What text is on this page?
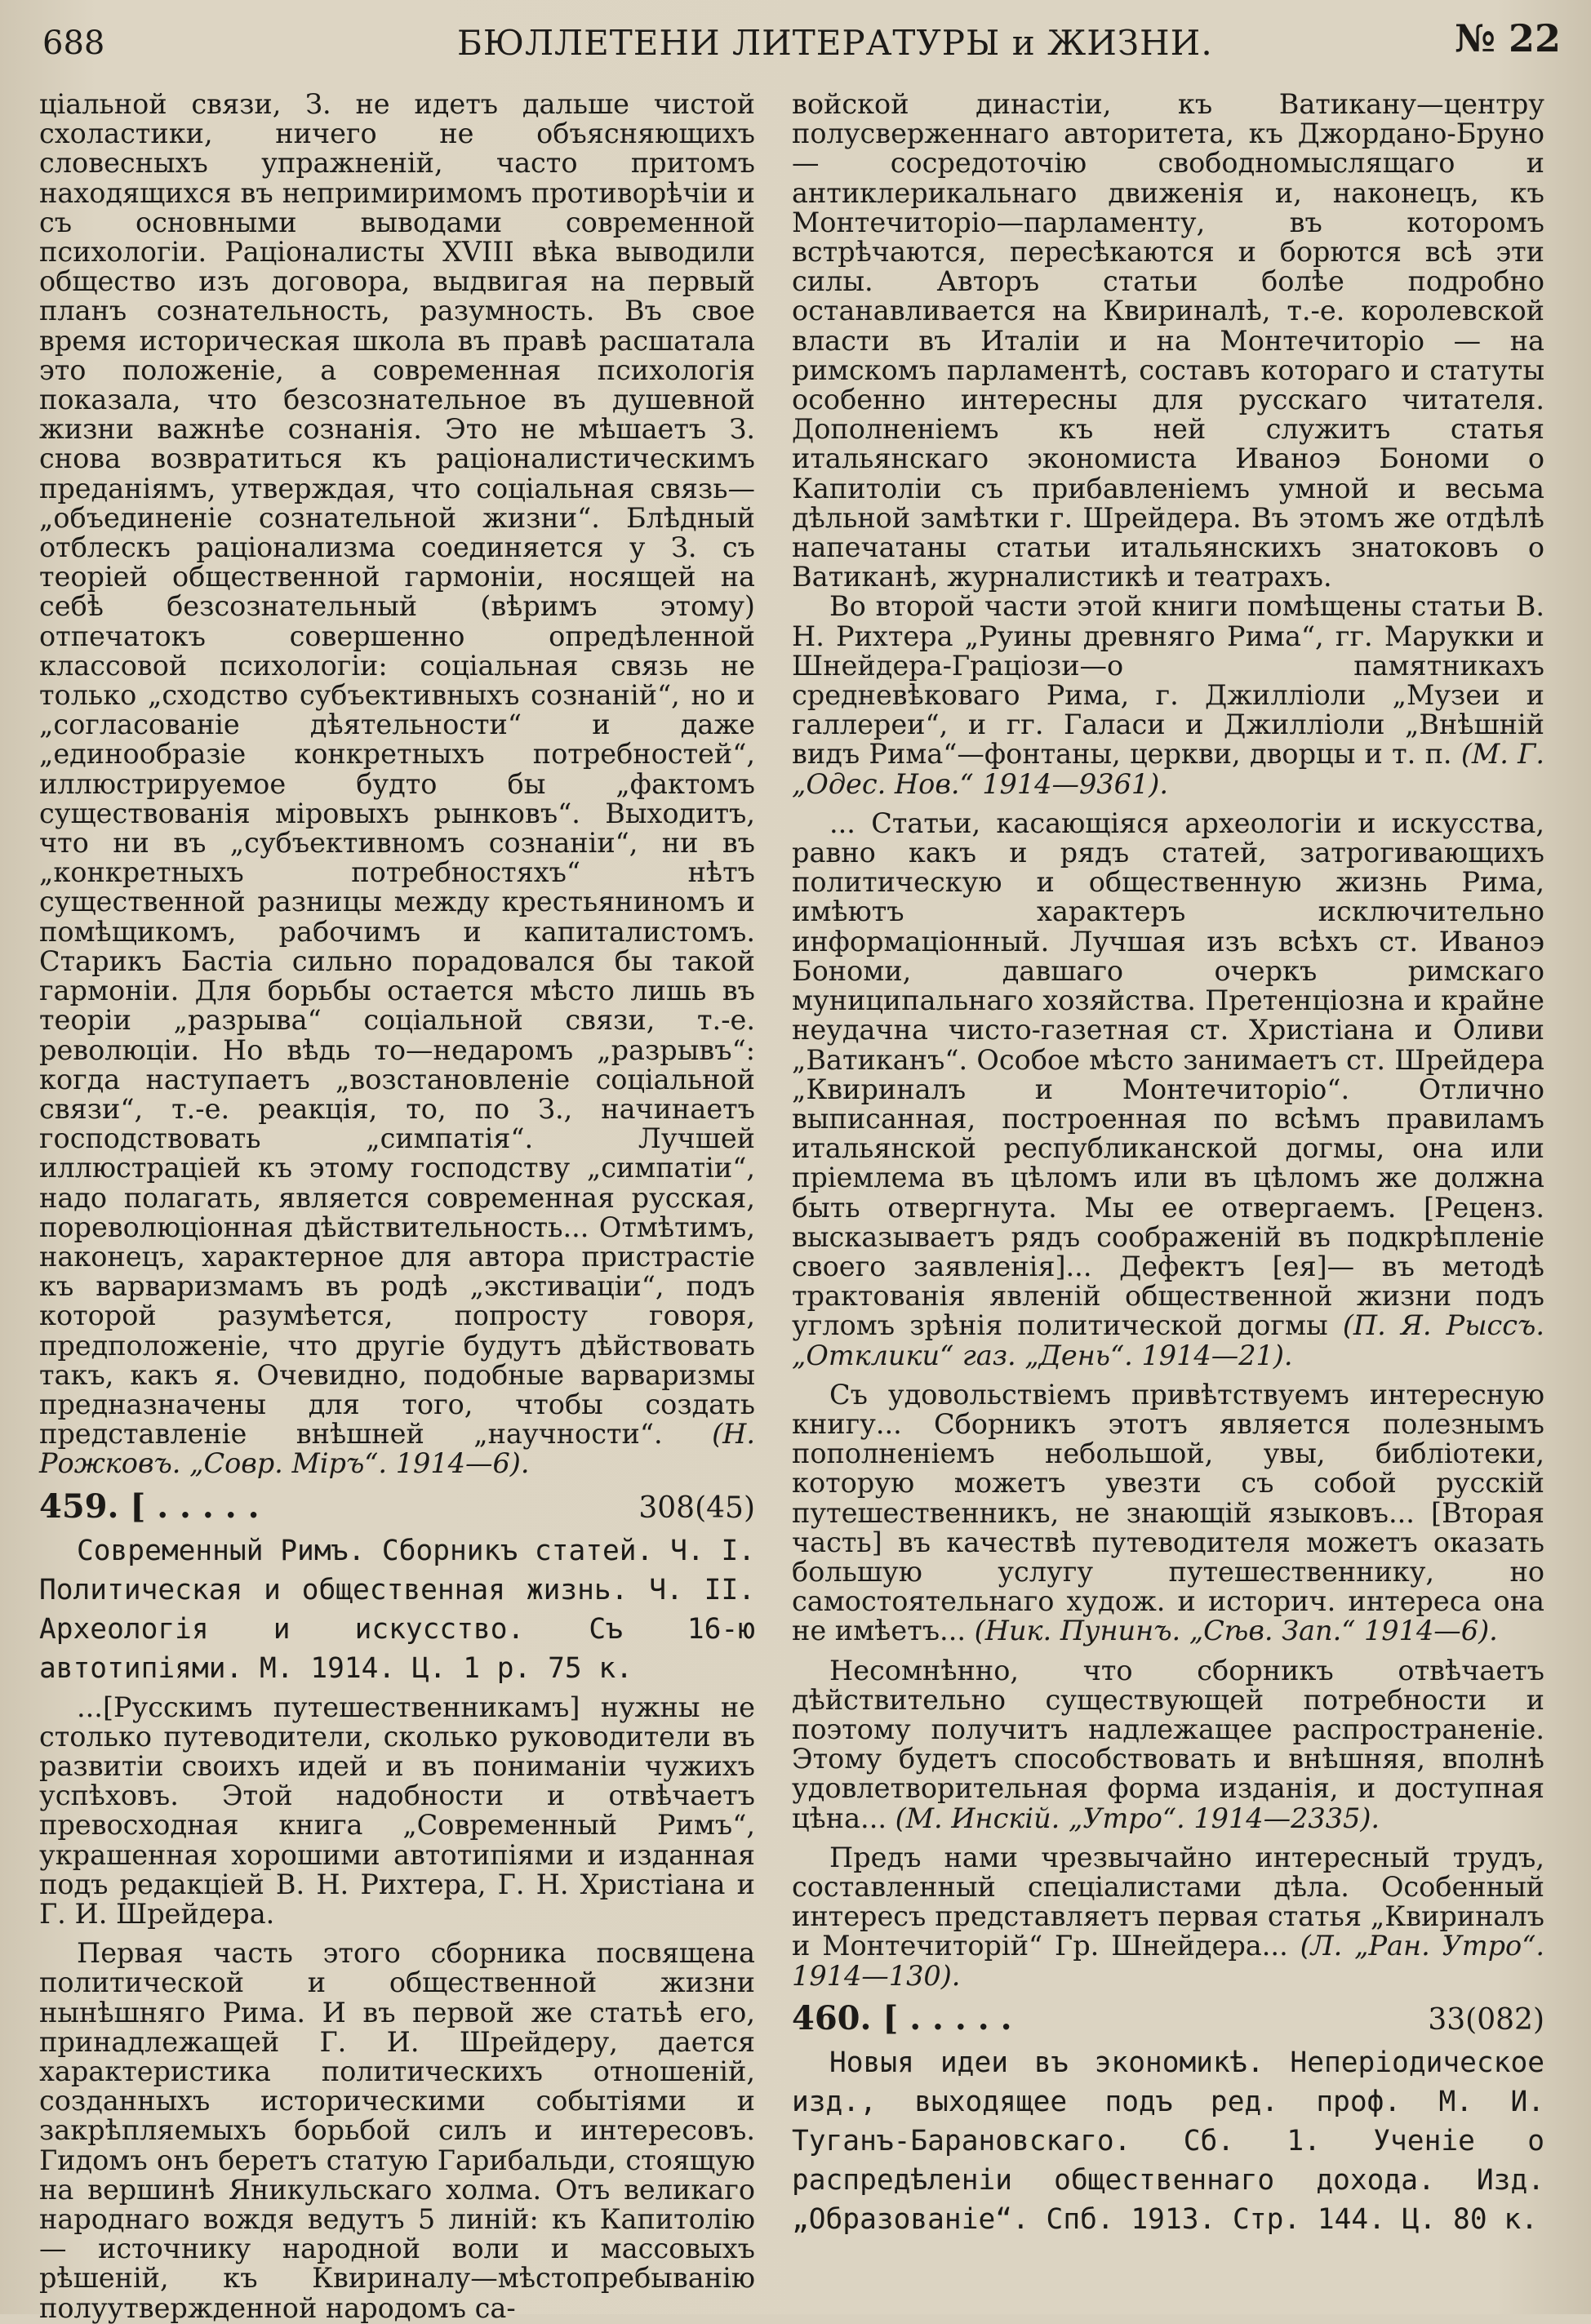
688	БЮЛЛЕТЕНИ ЛИТЕРАТУРЫ и ЖИЗНИ.	№ 22

ціальной связи, З. не идетъ дальше чистой схоластики, ничего не объясняющихъ словесныхъ упражненій, часто притомъ находящихся въ непримиримомъ противорѣчіи и съ основными выводами современной психологіи. Раціоналисты XVIII вѣка выводили общество изъ договора, выдвигая на первый планъ сознательность, разумность. Въ свое время историческая школа въ правѣ расшатала это положеніе, а современная психологія показала, что безсознательное въ душевной жизни важнѣе сознанія. Это не мѣшаетъ З. снова возвратиться къ раціоналистическимъ преданіямъ, утверждая, что соціальная связь—„объединеніе сознательной жизни“. Блѣдный отблескъ раціонализма соединяется у З. съ теоріей общественной гармоніи, носящей на себѣ безсознательный (вѣримъ этому) отпечатокъ совершенно опредѣленной классовой психологіи: соціальная связь не только „сходство субъективныхъ сознаній“, но и „согласованіе дѣятельности“ и даже „единообразіе конкретныхъ потребностей“, иллюстрируемое будто бы „фактомъ существованія міровыхъ рынковъ“. Выходитъ, что ни въ „субъективномъ сознаніи“, ни въ „конкретныхъ потребностяхъ“ нѣтъ существенной разницы между крестьяниномъ и помѣщикомъ, рабочимъ и капиталистомъ. Старикъ Бастіа сильно порадовался бы такой гармоніи. Для борьбы остается мѣсто лишь въ теоріи „разрыва“ соціальной связи, т.-е. революціи. Но вѣдь то—недаромъ „разрывъ“: когда наступаетъ „возстановленіе соціальной связи“, т.-е. реакція, то, по З., начинаетъ господствовать „симпатія“. Лучшей иллюстраціей къ этому господству „симпатіи“, надо полагать, является современная русская, пореволюціонная дѣйствительность... Отмѣтимъ, наконецъ, характерное для автора пристрастіе къ варваризмамъ въ родѣ „экстиваціи“, подъ которой разумѣется, попросту говоря, предположеніе, что другіе будутъ дѣйствовать такъ, какъ я. Очевидно, подобные варваризмы предназначены для того, чтобы создать представленіе внѣшней „научности“. (Н. Рожковъ. „Совр. Міръ“. 1914—6).

459. [ . . . . .	308(45)
Современный Римъ. Сборникъ статей. Ч. I. Политическая и общественная жизнь. Ч. II. Археологія и искусство. Съ 16-ю автотипіями. М. 1914. Ц. 1 р. 75 к.

...[Русскимъ путешественникамъ] нужны не столько путеводители, сколько руководители въ развитіи своихъ идей и въ пониманіи чужихъ успѣховъ. Этой надобности и отвѣчаетъ превосходная книга „Современный Римъ“, украшенная хорошими автотипіями и изданная подъ редакціей В. Н. Рихтера, Г. Н. Христіана и Г. И. Шрейдера.

Первая часть этого сборника посвящена политической и общественной жизни нынѣшняго Рима. И въ первой же статьѣ его, принадлежащей Г. И. Шрейдеру, дается характеристика политическихъ отношеній, созданныхъ историческими событіями и закрѣпляемыхъ борьбой силъ и интересовъ. Гидомъ онъ беретъ статую Гарибальди, стоящую на вершинѣ Яникульскаго холма. Отъ великаго народнаго вождя ведутъ 5 линій: къ Капитолію — источнику народной воли и массовыхъ рѣшеній, къ Квириналу—мѣстопребыванію полуутвержденной народомъ са-

войской династіи, къ Ватикану—центру полусверженнаго авторитета, къ Джордано-Бруно — сосредоточію свободномыслящаго и антиклерикальнаго движенія и, наконецъ, къ Монтечиторіо—парламенту, въ которомъ встрѣчаются, пересѣкаются и борются всѣ эти силы. Авторъ статьи болѣе подробно останавливается на Квириналѣ, т.-е. королевской власти въ Италіи и на Монтечиторіо — на римскомъ парламентѣ, составъ котораго и статуты особенно интересны для русскаго читателя. Дополненіемъ къ ней служитъ статья итальянскаго экономиста Иваноэ Бономи о Капитоліи съ прибавленіемъ умной и весьма дѣльной замѣтки г. Шрейдера. Въ этомъ же отдѣлѣ напечатаны статьи итальянскихъ знатоковъ о Ватиканѣ, журналистикѣ и театрахъ.

Во второй части этой книги помѣщены статьи В. Н. Рихтера „Руины древняго Рима“, гг. Марукки и Шнейдера-Граціози—о памятникахъ средневѣковаго Рима, г. Джиллioли „Музеи и галлереи“, и гг. Галаси и Джиллioли „Внѣшній видъ Рима“—фонтаны, церкви, дворцы и т. п. (М. Г. „Одес. Нов.“ 1914—9361).

... Статьи, касающіяся археологіи и искусства, равно какъ и рядъ статей, затрогивающихъ политическую и общественную жизнь Рима, имѣютъ характеръ исключительно информаціонный. Лучшая изъ всѣхъ ст. Иваноэ Бономи, давшаго очеркъ римскаго муниципальнаго хозяйства. Претенціозна и крайне неудачна чисто-газетная ст. Христіана и Оливи „Ватиканъ“. Особое мѣсто занимаетъ ст. Шрейдера „Квириналъ и Монтечиторіо“. Отлично выписанная, построенная по всѣмъ правиламъ итальянской республиканской догмы, она или пріемлема въ цѣломъ или въ цѣломъ же должна быть отвергнута. Мы ее отвергаемъ. [Реценз. высказываетъ рядъ соображеній въ подкрѣпленіе своего заявленія]... Дефектъ [ея]— въ методѣ трактованія явленій общественной жизни подъ угломъ зрѣнія политической догмы (П. Я. Рыссъ. „Отклики“ газ. „День“. 1914—21).

Съ удовольствіемъ привѣтствуемъ интересную книгу... Сборникъ этотъ является полезнымъ пополненіемъ небольшой, увы, библіотеки, которую можетъ увезти съ собой русскій путешественникъ, не знающій языковъ... [Вторая часть] въ качествѣ путеводителя можетъ оказать большую услугу путешественнику, но самостоятельнаго худож. и историч. интереса она не имѣетъ... (Ник. Пунинъ. „Сѣв. Зап.“ 1914—6).

Несомнѣнно, что сборникъ отвѣчаетъ дѣйствительно существующей потребности и поэтому получитъ надлежащее распространеніе. Этому будетъ способствовать и внѣшняя, вполнѣ удовлетворительная форма изданія, и доступная цѣна... (М. Инскій. „Утро“. 1914—2335).

Предъ нами чрезвычайно интересный трудъ, составленный спеціалистами дѣла. Особенный интересъ представляетъ первая статья „Квириналъ и Монтечиторій“ Гр. Шнейдера... (Л. „Ран. Утро“. 1914—130).

460. [ . . . . .	33(082)
Новыя идеи въ экономикѣ. Неперіодическое изд., выходящее подъ ред. проф. М. И. Туганъ-Барановскаго. Сб. 1. Ученіе о распредѣленіи общественнаго дохода. Изд. „Образованіе“. Спб. 1913. Стр. 144. Ц. 80 к.
